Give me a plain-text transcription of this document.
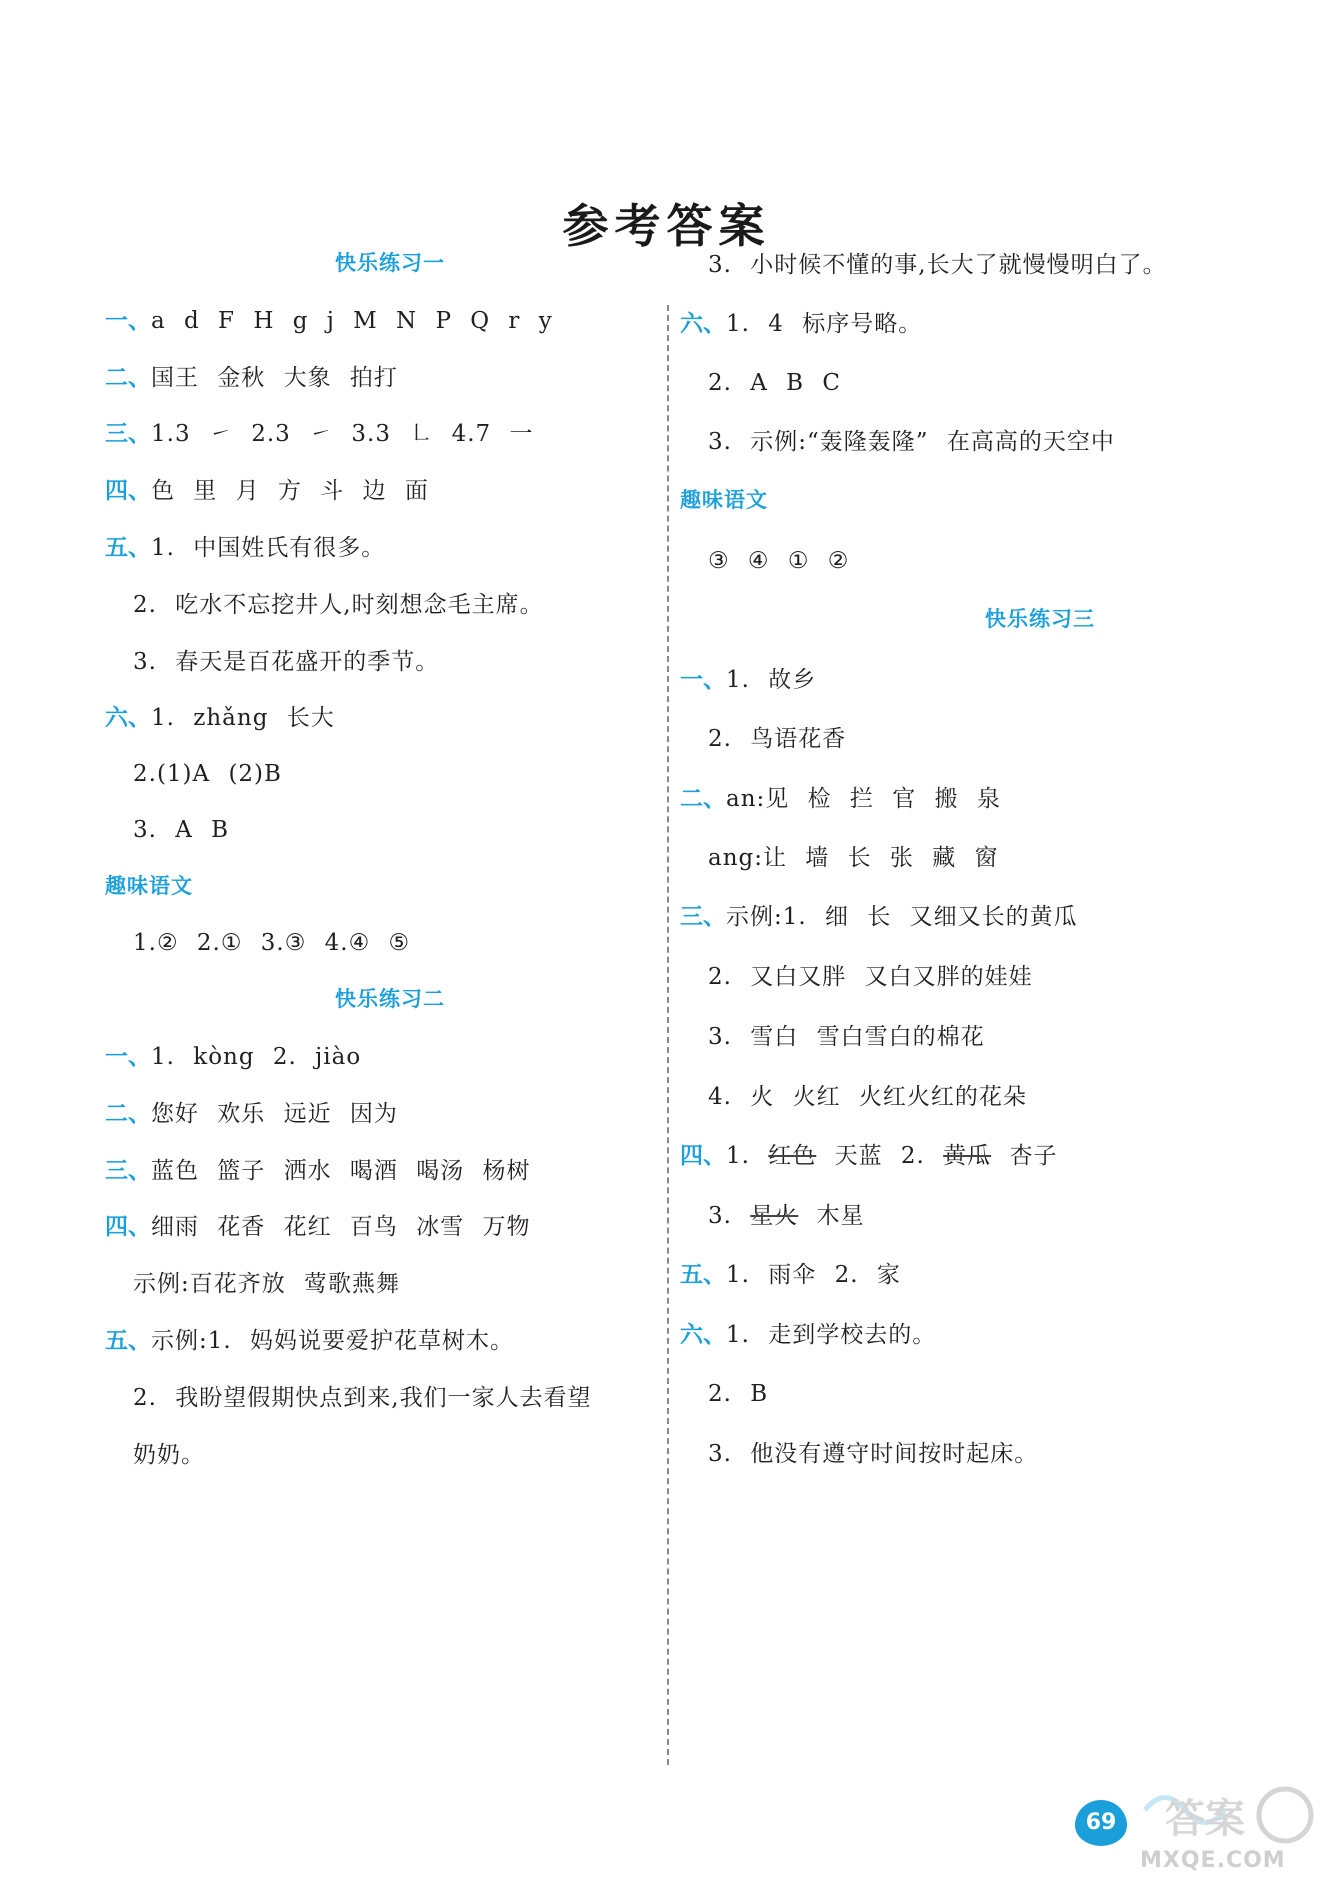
参考答案
快乐练习一
一、a d F H g j M N P Q r y
二、国王 金秋 大象 拍打
三、1.3 ㇀ 2.3 ㇀ 3.3 ㇗ 4.7 一
四、色 里 月 方 斗 边 面
五、1. 中国姓氏有很多。
2. 吃水不忘挖井人,时刻想念毛主席。
3. 春天是百花盛开的季节。
六、1. zhǎng 长大
2.(1)A (2)B
3. A B
趣味语文
1.② 2.① 3.③ 4.④ ⑤
快乐练习二
一、1. kòng 2. jiào
二、您好 欢乐 远近 因为
三、蓝色 篮子 洒水 喝酒 喝汤 杨树
四、细雨 花香 花红 百鸟 冰雪 万物
示例:百花齐放 莺歌燕舞
五、示例:1. 妈妈说要爱护花草树木。
2. 我盼望假期快点到来,我们一家人去看望
奶奶。
3. 小时候不懂的事,长大了就慢慢明白了。
六、1. 4 标序号略。
2. A B C
3. 示例:“轰隆轰隆” 在高高的天空中
趣味语文
③ ④ ① ②
快乐练习三
一、1. 故乡
2. 鸟语花香
二、an:见 检 拦 官 搬 泉
ang:让 墙 长 张 藏 窗
三、示例:1. 细 长 又细又长的黄瓜
2. 又白又胖 又白又胖的娃娃
3. 雪白 雪白雪白的棉花
4. 火 火红 火红火红的花朵
四、1. 红色 天蓝 2. 黄瓜 杏子
3. 星火 木星
五、1. 雨伞 2. 家
六、1. 走到学校去的。
2. B
3. 他没有遵守时间按时起床。
69 答案
MXQE.COM
